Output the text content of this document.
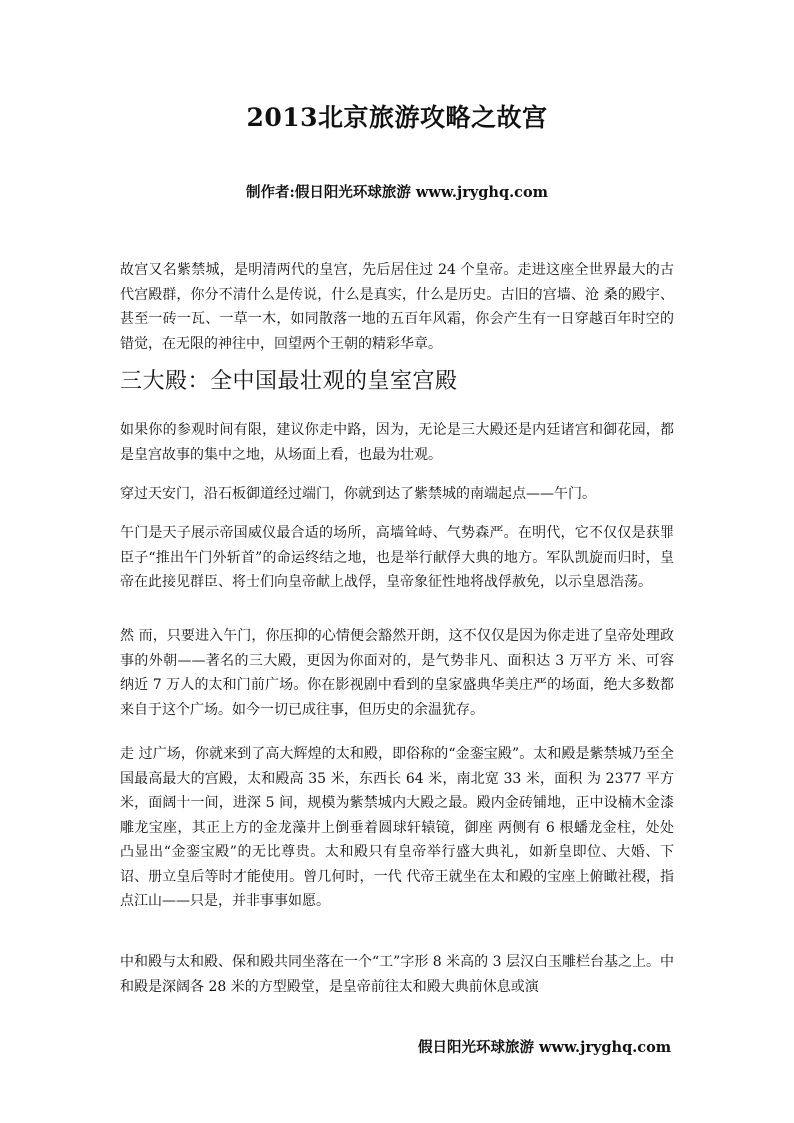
2013北京旅游攻略之故宫
制作者:假日阳光环球旅游 www.jryghq.com

故宫又名紫禁城，是明清两代的皇宫，先后居住过 24 个皇帝。走进这座全世界最大的古代宫殿群，你分不清什么是传说，什么是真实，什么是历史。古旧的宫墙、沧 桑的殿宇、甚至一砖一瓦、一草一木，如同散落一地的五百年风霜，你会产生有一日穿越百年时空的错觉，在无限的神往中，回望两个王朝的精彩华章。

三大殿：全中国最壮观的皇室宫殿

如果你的参观时间有限，建议你走中路，因为，无论是三大殿还是内廷诸宫和御花园，都是皇宫故事的集中之地，从场面上看，也最为壮观。

穿过天安门，沿石板御道经过端门，你就到达了紫禁城的南端起点——午门。

午门是天子展示帝国威仪最合适的场所，高墙耸峙、气势森严。在明代，它不仅仅是获罪臣子“推出午门外斩首”的命运终结之地，也是举行献俘大典的地方。军队凯旋而归时，皇帝在此接见群臣、将士们向皇帝献上战俘，皇帝象征性地将战俘赦免，以示皇恩浩荡。

然 而，只要进入午门，你压抑的心情便会豁然开朗，这不仅仅是因为你走进了皇帝处理政事的外朝——著名的三大殿，更因为你面对的，是气势非凡、面积达 3 万平方 米、可容纳近 7 万人的太和门前广场。你在影视剧中看到的皇家盛典华美庄严的场面，绝大多数都来自于这个广场。如今一切已成往事，但历史的余温犹存。

走 过广场，你就来到了高大辉煌的太和殿，即俗称的“金銮宝殿”。太和殿是紫禁城乃至全国最高最大的宫殿，太和殿高 35 米，东西长 64 米，南北宽 33 米，面积 为 2377 平方米，面阔十一间，进深 5 间，规模为紫禁城内大殿之最。殿内金砖铺地，正中设楠木金漆雕龙宝座，其正上方的金龙藻井上倒垂着圆球轩辕镜，御座 两侧有 6 根蟠龙金柱，处处凸显出“金銮宝殿”的无比尊贵。太和殿只有皇帝举行盛大典礼，如新皇即位、大婚、下诏、册立皇后等时才能使用。曾几何时，一代 代帝王就坐在太和殿的宝座上俯瞰社稷，指点江山——只是，并非事事如愿。

中和殿与太和殿、保和殿共同坐落在一个“工”字形 8 米高的 3 层汉白玉雕栏台基之上。中和殿是深阔各 28 米的方型殿堂，是皇帝前往太和殿大典前休息或演

假日阳光环球旅游 www.jryghq.com
